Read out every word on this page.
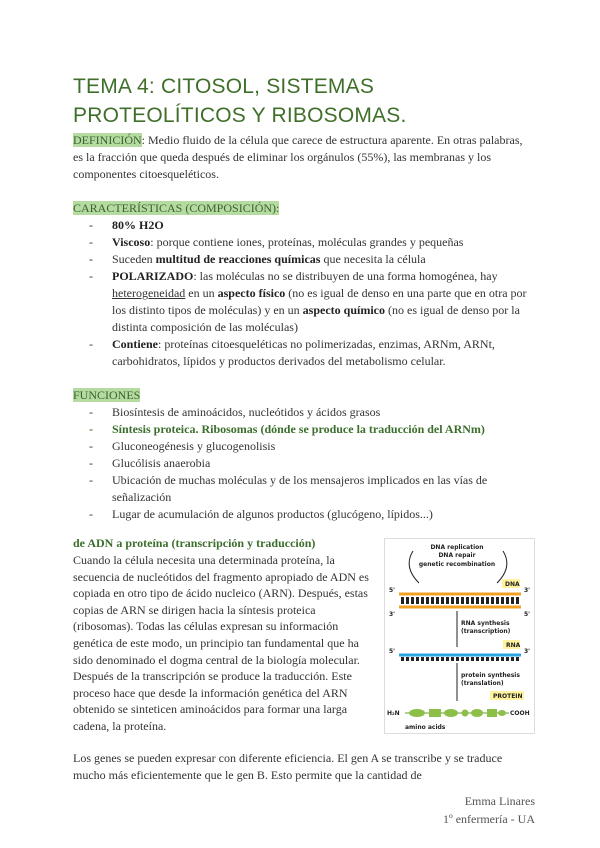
TEMA 4: CITOSOL, SISTEMAS PROTEOLÍTICOS Y RIBOSOMAS.
DEFINICIÓN: Medio fluido de la célula que carece de estructura aparente. En otras palabras, es la fracción que queda después de eliminar los orgánulos (55%), las membranas y los componentes citoesqueléticos.
CARACTERÍSTICAS (COMPOSICIÓN):
- 80% H2O
- Viscoso: porque contiene iones, proteínas, moléculas grandes y pequeñas
- Suceden multitud de reacciones químicas que necesita la célula
- POLARIZADO: las moléculas no se distribuyen de una forma homogénea, hay heterogeneidad en un aspecto físico (no es igual de denso en una parte que en otra por los distinto tipos de moléculas) y en un aspecto químico (no es igual de denso por la distinta composición de las moléculas)
- Contiene: proteínas citoesqueléticas no polimerizadas, enzimas, ARNm, ARNt, carbohidratos, lípidos y productos derivados del metabolismo celular.
FUNCIONES
- Biosíntesis de aminoácidos, nucleótidos y ácidos grasos
- Síntesis proteica. Ribosomas (dónde se produce la traducción del ARNm)
- Gluconeogénesis y glucogenolisis
- Glucólisis anaerobia
- Ubicación de muchas moléculas y de los mensajeros implicados en las vías de señalización
- Lugar de acumulación de algunos productos (glucógeno, lípidos...)
DNA replication
DNA repair
genetic recombination
DNA
5'	3'
3'	5'
RNA synthesis
(transcription)
RNA
5'	3'
protein synthesis
(translation)
PROTEIN
H₂N	COOH
amino acids
de ADN a proteína (transcripción y traducción)
Cuando la célula necesita una determinada proteína, la secuencia de nucleótidos del fragmento apropiado de ADN es copiada en otro tipo de ácido nucleico (ARN). Después, estas copias de ARN se dirigen hacia la síntesis proteica (ribosomas). Todas las células expresan su información genética de este modo, un principio tan fundamental que ha sido denominado el dogma central de la biología molecular. Después de la transcripción se produce la traducción. Este proceso hace que desde la información genética del ARN obtenido se sinteticen aminoácidos para formar una larga cadena, la proteína.
Los genes se pueden expresar con diferente eficiencia. El gen A se transcribe y se traduce mucho más eficientemente que le gen B. Esto permite que la cantidad de
Emma Linares
1º enfermería - UA
